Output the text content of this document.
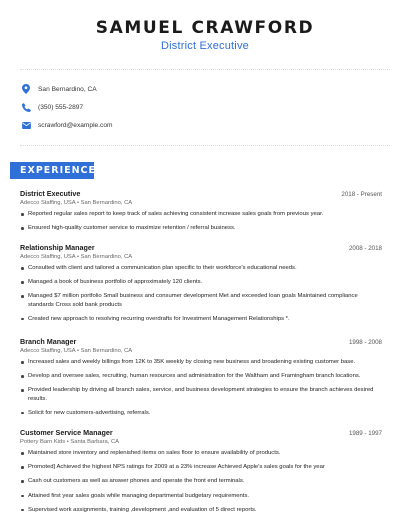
SAMUEL CRAWFORD
District Executive
San Bernardino, CA
(350) 555-2897
scrawford@example.com
EXPERIENCE
District Executive	2018 - Present
Adecco Staffing, USA • San Bernardino, CA
Reported regular sales report to keep track of sales achieving consistent increase sales goals from previous year.
Ensured high-quality customer service to maximize retention / referral business.
Relationship Manager	2008 - 2018
Adecco Staffing, USA • San Bernardino, CA
Consulted with client and tailored a communication plan specific to their workforce's educational needs.
Managed a book of business portfolio of approximately 120 clients.
Managed $7 million portfolio Small business and consumer development Met and exceeded loan goals Maintained compliance standards Cross sold bank products
Created new approach to resolving recurring overdrafts for Investment Management Relationships *.
Branch Manager	1998 - 2008
Adecco Staffing, USA • San Bernardino, CA
Increased sales and weekly billings from 12K to 35K weekly by closing new business and broadening existing customer base.
Develop and oversee sales, recruiting, human resources and administration for the Waltham and Framingham branch locations.
Provided leadership by driving all branch sales, service, and business development strategies to ensure the branch achieves desired results.
Solicit for new customers-advertising, referrals.
Customer Service Manager	1989 - 1997
Pottery Barn Kids • Santa Barbara, CA
Maintained store inventory and replenished items on sales floor to ensure availability of products.
Promoted] Achieved the highest NPS ratings for 2009 at a 23% increase Achieved Apple's sales goals for the year
Cash out customers as well as answer phones and operate the front end terminals.
Attained first year sales goals while managing departmental budgetary requirements.
Supervised work assignments, training ,development ,and evaluation of 5 direct reports.
